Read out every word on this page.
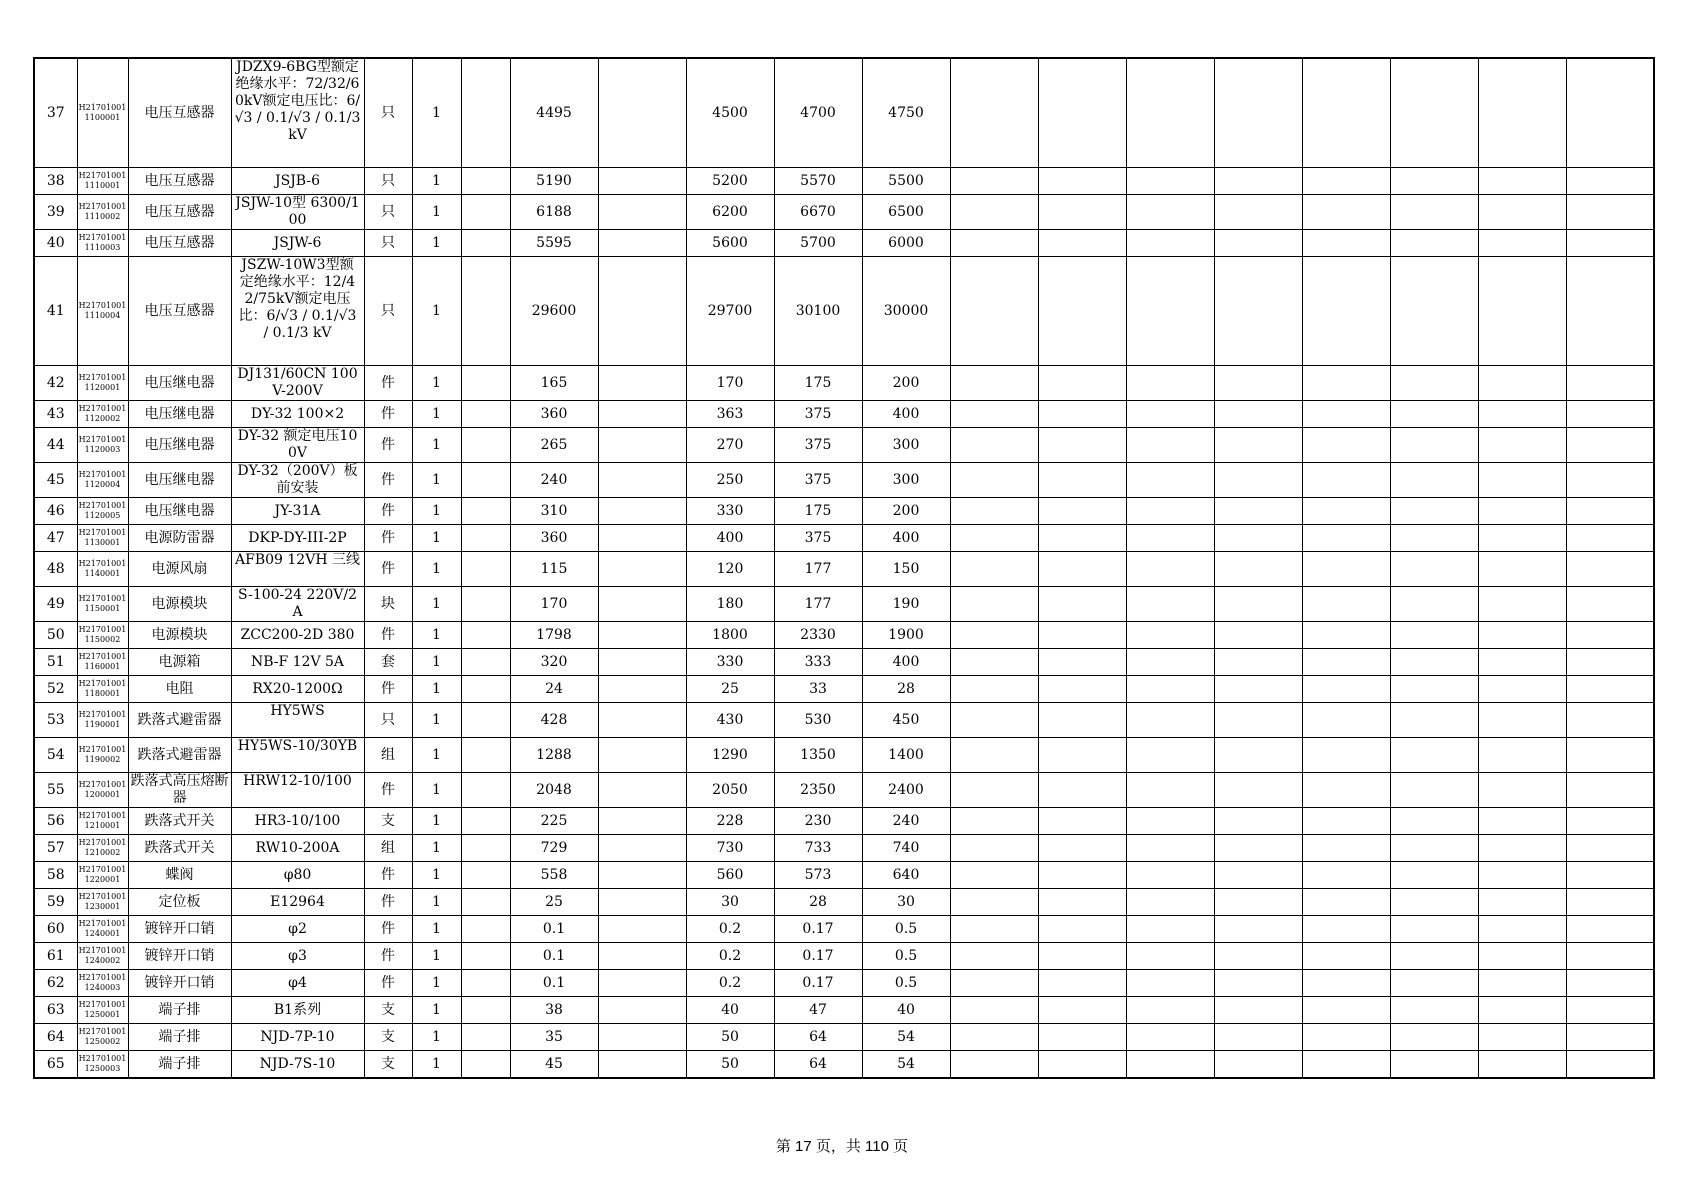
37	H21701001110000​1	电压互感器	JDZX9-6BG型额定绝缘水平：72/32/60kV额定电压比：6/√3 / 0.1/√3 / 0.1/3 kV	只	1		4495		4500	4700	4750								
38	H217010011110001	电压互感器	JSJB-6	只	1		5190		5200	5570	5500								
39	H217010011110002	电压互感器	JSJW-10型 6300/100	只	1		6188		6200	6670	6500								
40	H217010011110003	电压互感器	JSJW-6	只	1		5595		5600	5700	6000								
41	H217010011110004	电压互感器	JSZW-10W3型额定绝缘水平：12/42/75kV额定电压比：6/√3 / 0.1/√3 / 0.1/3 kV	只	1		29600		29700	30100	30000								
42	H217010011120001	电压继电器	DJ131/60CN 100V-200V	件	1		165		170	175	200								
43	H217010011120002	电压继电器	DY-32 100×2	件	1		360		363	375	400								
44	H217010011120003	电压继电器	DY-32 额定电压100V	件	1		265		270	375	300								
45	H217010011120004	电压继电器	DY-32（200V）板前安装	件	1		240		250	375	300								
46	H217010011120005	电压继电器	JY-31A	件	1		310		330	175	200								
47	H217010011130001	电源防雷器	DKP-DY-III-2P	件	1		360		400	375	400								
48	H217010011140001	电源风扇	AFB09 12VH 三线	件	1		115		120	177	150								
49	H217010011150001	电源模块	S-100-24 220V/2A	块	1		170		180	177	190								
50	H217010011150002	电源模块	ZCC200-2D 380	件	1		1798		1800	2330	1900								
51	H217010011160001	电源箱	NB-F 12V 5A	套	1		320		330	333	400								
52	H217010011180001	电阻	RX20-1200Ω	件	1		24		25	33	28								
53	H217010011190001	跌落式避雷器	HY5WS	只	1		428		430	530	450								
54	H217010011190002	跌落式避雷器	HY5WS-10/30YB	组	1		1288		1290	1350	1400								
55	H217010011200001	跌落式高压熔断器	HRW12-10/100	件	1		2048		2050	2350	2400								
56	H217010011210001	跌落式开关	HR3-10/100	支	1		225		228	230	240								
57	H217010011210002	跌落式开关	RW10-200A	组	1		729		730	733	740								
58	H217010011220001	蝶阀	φ80	件	1		558		560	573	640								
59	H217010011230001	定位板	E12964	件	1		25		30	28	30								
60	H217010011240001	镀锌开口销	φ2	件	1		0.1		0.2	0.17	0.5								
61	H217010011240002	镀锌开口销	φ3	件	1		0.1		0.2	0.17	0.5								
62	H217010011240003	镀锌开口销	φ4	件	1		0.1		0.2	0.17	0.5								
63	H217010011250001	端子排	B1系列	支	1		38		40	47	40								
64	H217010011250002	端子排	NJD-7P-10	支	1		35		50	64	54								
65	H217010011250003	端子排	NJD-7S-10	支	1		45		50	64	54								
第 17 页，共 110 页
